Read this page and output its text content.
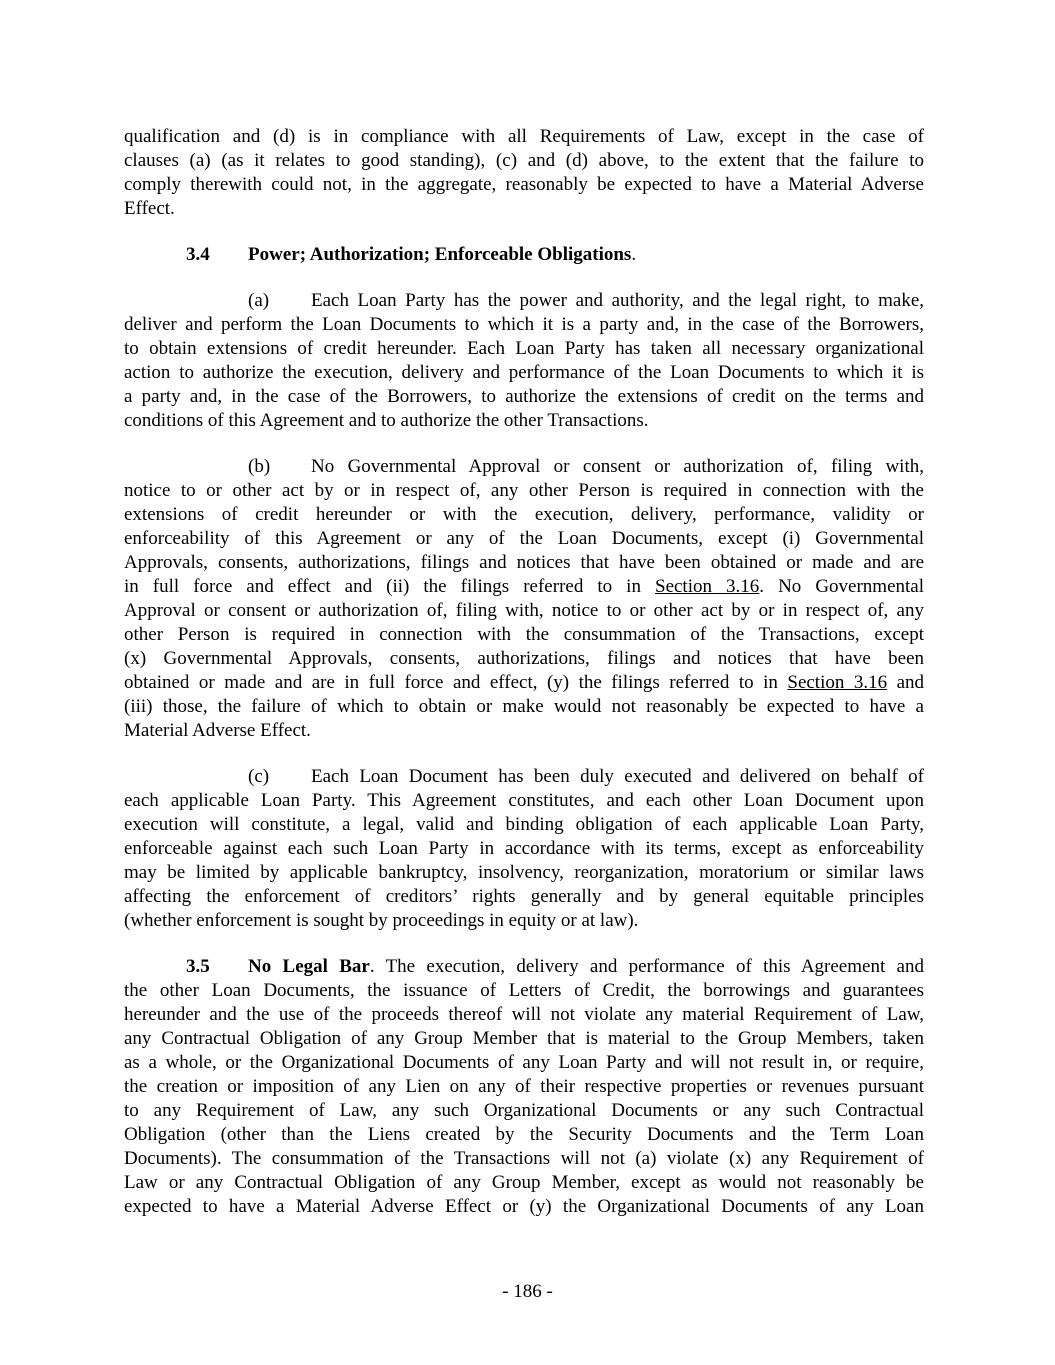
qualification and (d) is in compliance with all Requirements of Law, except in the case of
clauses (a) (as it relates to good standing), (c) and (d) above, to the extent that the failure to
comply therewith could not, in the aggregate, reasonably be expected to have a Material Adverse
Effect.
3.4	Power; Authorization; Enforceable Obligations.
(a)	Each Loan Party has the power and authority, and the legal right, to make,
deliver and perform the Loan Documents to which it is a party and, in the case of the Borrowers,
to obtain extensions of credit hereunder. Each Loan Party has taken all necessary organizational
action to authorize the execution, delivery and performance of the Loan Documents to which it is
a party and, in the case of the Borrowers, to authorize the extensions of credit on the terms and
conditions of this Agreement and to authorize the other Transactions.
(b)	No Governmental Approval or consent or authorization of, filing with,
notice to or other act by or in respect of, any other Person is required in connection with the
extensions of credit hereunder or with the execution, delivery, performance, validity or
enforceability of this Agreement or any of the Loan Documents, except (i) Governmental
Approvals, consents, authorizations, filings and notices that have been obtained or made and are
in full force and effect and (ii) the filings referred to in Section 3.16. No Governmental
Approval or consent or authorization of, filing with, notice to or other act by or in respect of, any
other Person is required in connection with the consummation of the Transactions, except
(x) Governmental Approvals, consents, authorizations, filings and notices that have been
obtained or made and are in full force and effect, (y) the filings referred to in Section 3.16 and
(iii) those, the failure of which to obtain or make would not reasonably be expected to have a
Material Adverse Effect.
(c)	Each Loan Document has been duly executed and delivered on behalf of
each applicable Loan Party. This Agreement constitutes, and each other Loan Document upon
execution will constitute, a legal, valid and binding obligation of each applicable Loan Party,
enforceable against each such Loan Party in accordance with its terms, except as enforceability
may be limited by applicable bankruptcy, insolvency, reorganization, moratorium or similar laws
affecting the enforcement of creditors’ rights generally and by general equitable principles
(whether enforcement is sought by proceedings in equity or at law).
3.5	No Legal Bar. The execution, delivery and performance of this Agreement and
the other Loan Documents, the issuance of Letters of Credit, the borrowings and guarantees
hereunder and the use of the proceeds thereof will not violate any material Requirement of Law,
any Contractual Obligation of any Group Member that is material to the Group Members, taken
as a whole, or the Organizational Documents of any Loan Party and will not result in, or require,
the creation or imposition of any Lien on any of their respective properties or revenues pursuant
to any Requirement of Law, any such Organizational Documents or any such Contractual
Obligation (other than the Liens created by the Security Documents and the Term Loan
Documents). The consummation of the Transactions will not (a) violate (x) any Requirement of
Law or any Contractual Obligation of any Group Member, except as would not reasonably be
expected to have a Material Adverse Effect or (y) the Organizational Documents of any Loan
- 186 -
